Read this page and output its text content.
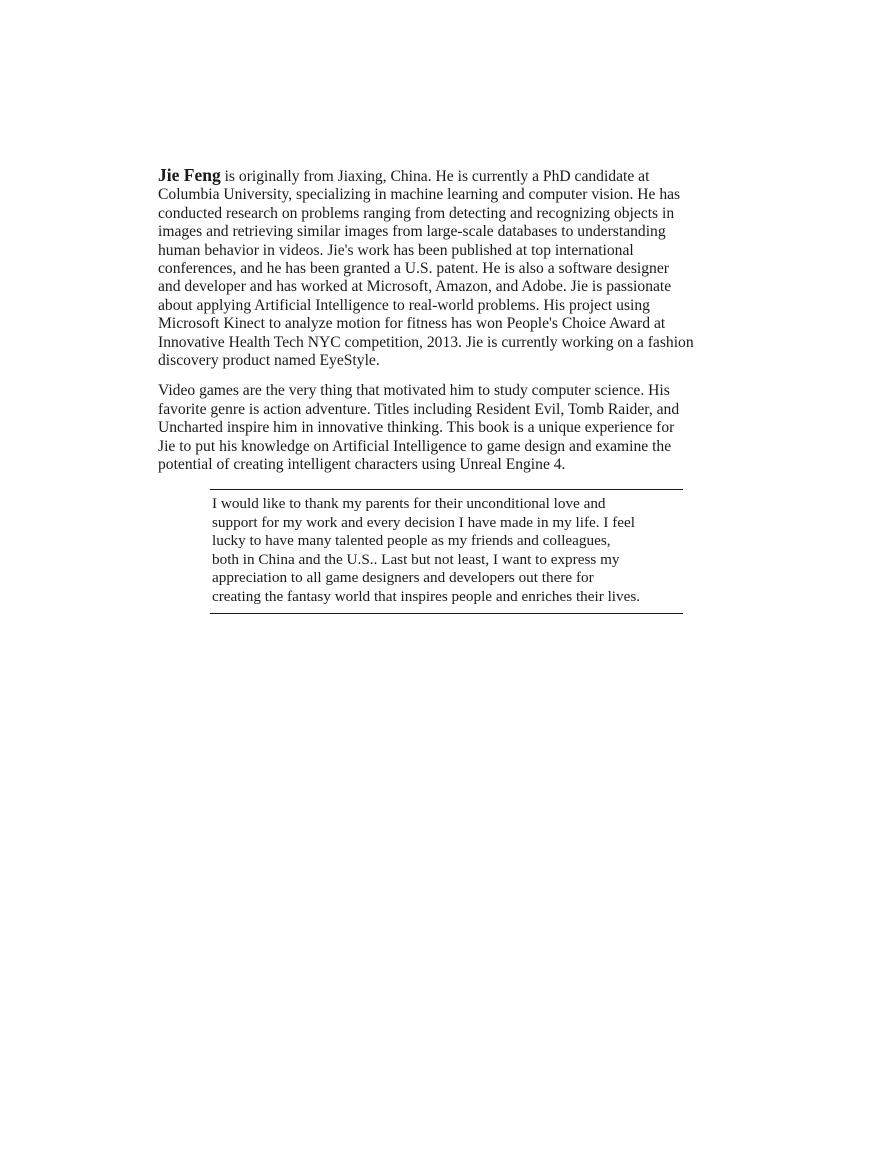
Jie Feng is originally from Jiaxing, China. He is currently a PhD candidate at
Columbia University, specializing in machine learning and computer vision. He has
conducted research on problems ranging from detecting and recognizing objects in
images and retrieving similar images from large-scale databases to understanding
human behavior in videos. Jie's work has been published at top international
conferences, and he has been granted a U.S. patent. He is also a software designer
and developer and has worked at Microsoft, Amazon, and Adobe. Jie is passionate
about applying Artificial Intelligence to real-world problems. His project using
Microsoft Kinect to analyze motion for fitness has won People's Choice Award at
Innovative Health Tech NYC competition, 2013. Jie is currently working on a fashion
discovery product named EyeStyle.

Video games are the very thing that motivated him to study computer science. His
favorite genre is action adventure. Titles including Resident Evil, Tomb Raider, and
Uncharted inspire him in innovative thinking. This book is a unique experience for
Jie to put his knowledge on Artificial Intelligence to game design and examine the
potential of creating intelligent characters using Unreal Engine 4.

I would like to thank my parents for their unconditional love and
support for my work and every decision I have made in my life. I feel
lucky to have many talented people as my friends and colleagues,
both in China and the U.S.. Last but not least, I want to express my
appreciation to all game designers and developers out there for
creating the fantasy world that inspires people and enriches their lives.
